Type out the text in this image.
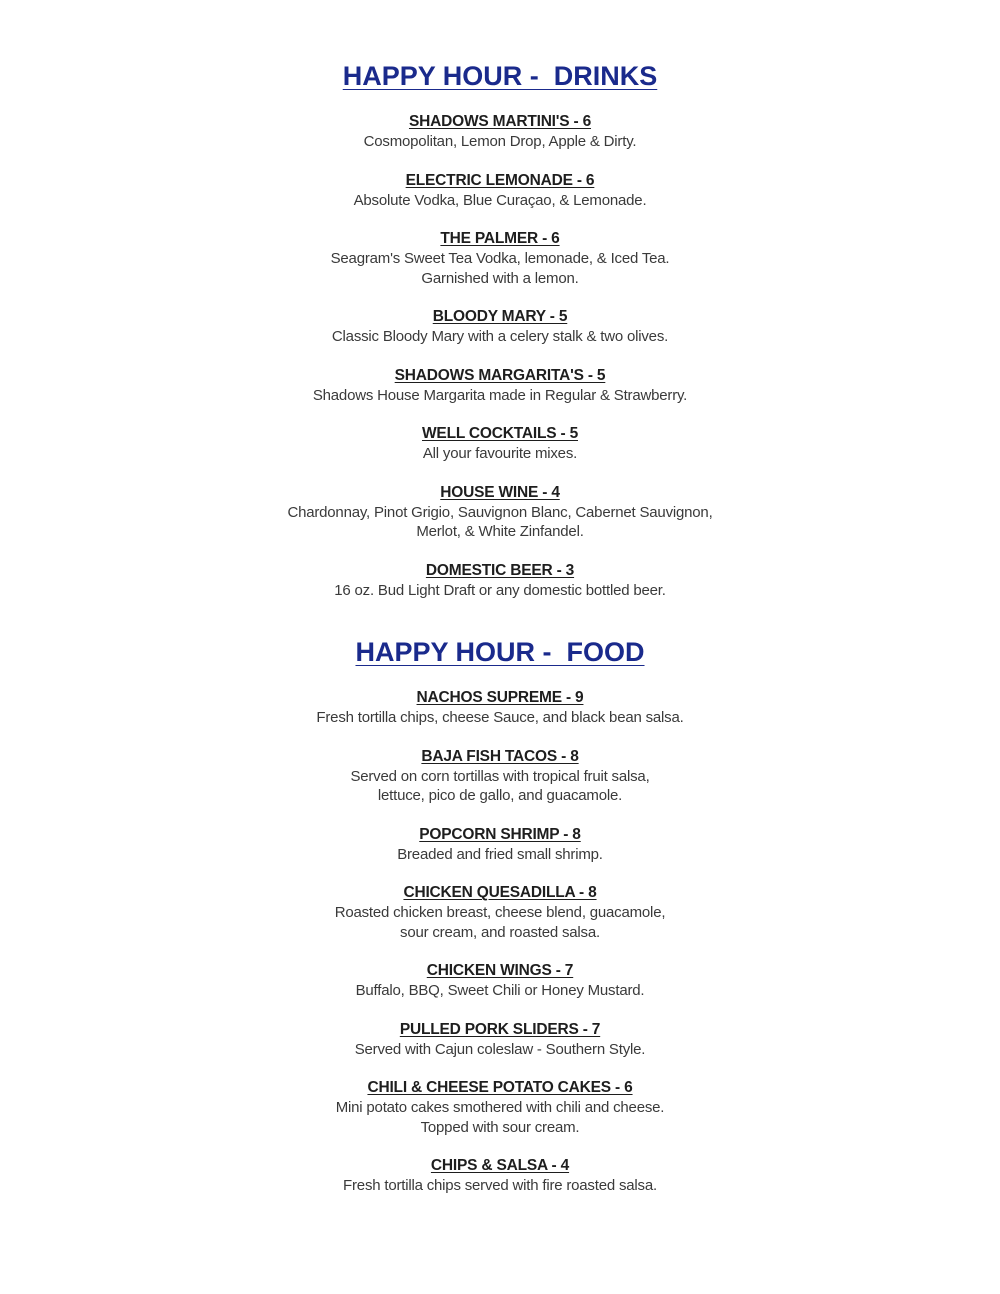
HAPPY HOUR -  DRINKS
SHADOWS MARTINI'S - 6
Cosmopolitan, Lemon Drop, Apple & Dirty.
ELECTRIC LEMONADE - 6
Absolute Vodka, Blue Curaçao, & Lemonade.
THE PALMER - 6
Seagram's Sweet Tea Vodka, lemonade, & Iced Tea.
Garnished with a lemon.
BLOODY MARY - 5
Classic Bloody Mary with a celery stalk & two olives.
SHADOWS MARGARITA'S - 5
Shadows House Margarita made in Regular & Strawberry.
WELL COCKTAILS - 5
All your favourite mixes.
HOUSE WINE - 4
Chardonnay, Pinot Grigio, Sauvignon Blanc, Cabernet Sauvignon,
Merlot, & White Zinfandel.
DOMESTIC BEER - 3
16 oz. Bud Light Draft or any domestic bottled beer.
HAPPY HOUR -  FOOD
NACHOS SUPREME - 9
Fresh tortilla chips, cheese Sauce, and black bean salsa.
BAJA FISH TACOS - 8
Served on corn tortillas with tropical fruit salsa,
lettuce, pico de gallo, and guacamole.
POPCORN SHRIMP - 8
Breaded and fried small shrimp.
CHICKEN QUESADILLA - 8
Roasted chicken breast, cheese blend, guacamole,
sour cream, and roasted salsa.
CHICKEN WINGS - 7
Buffalo, BBQ, Sweet Chili or Honey Mustard.
PULLED PORK SLIDERS - 7
Served with Cajun coleslaw - Southern Style.
CHILI & CHEESE POTATO CAKES - 6
Mini potato cakes smothered with chili and cheese.
Topped with sour cream.
CHIPS & SALSA - 4
Fresh tortilla chips served with fire roasted salsa.
